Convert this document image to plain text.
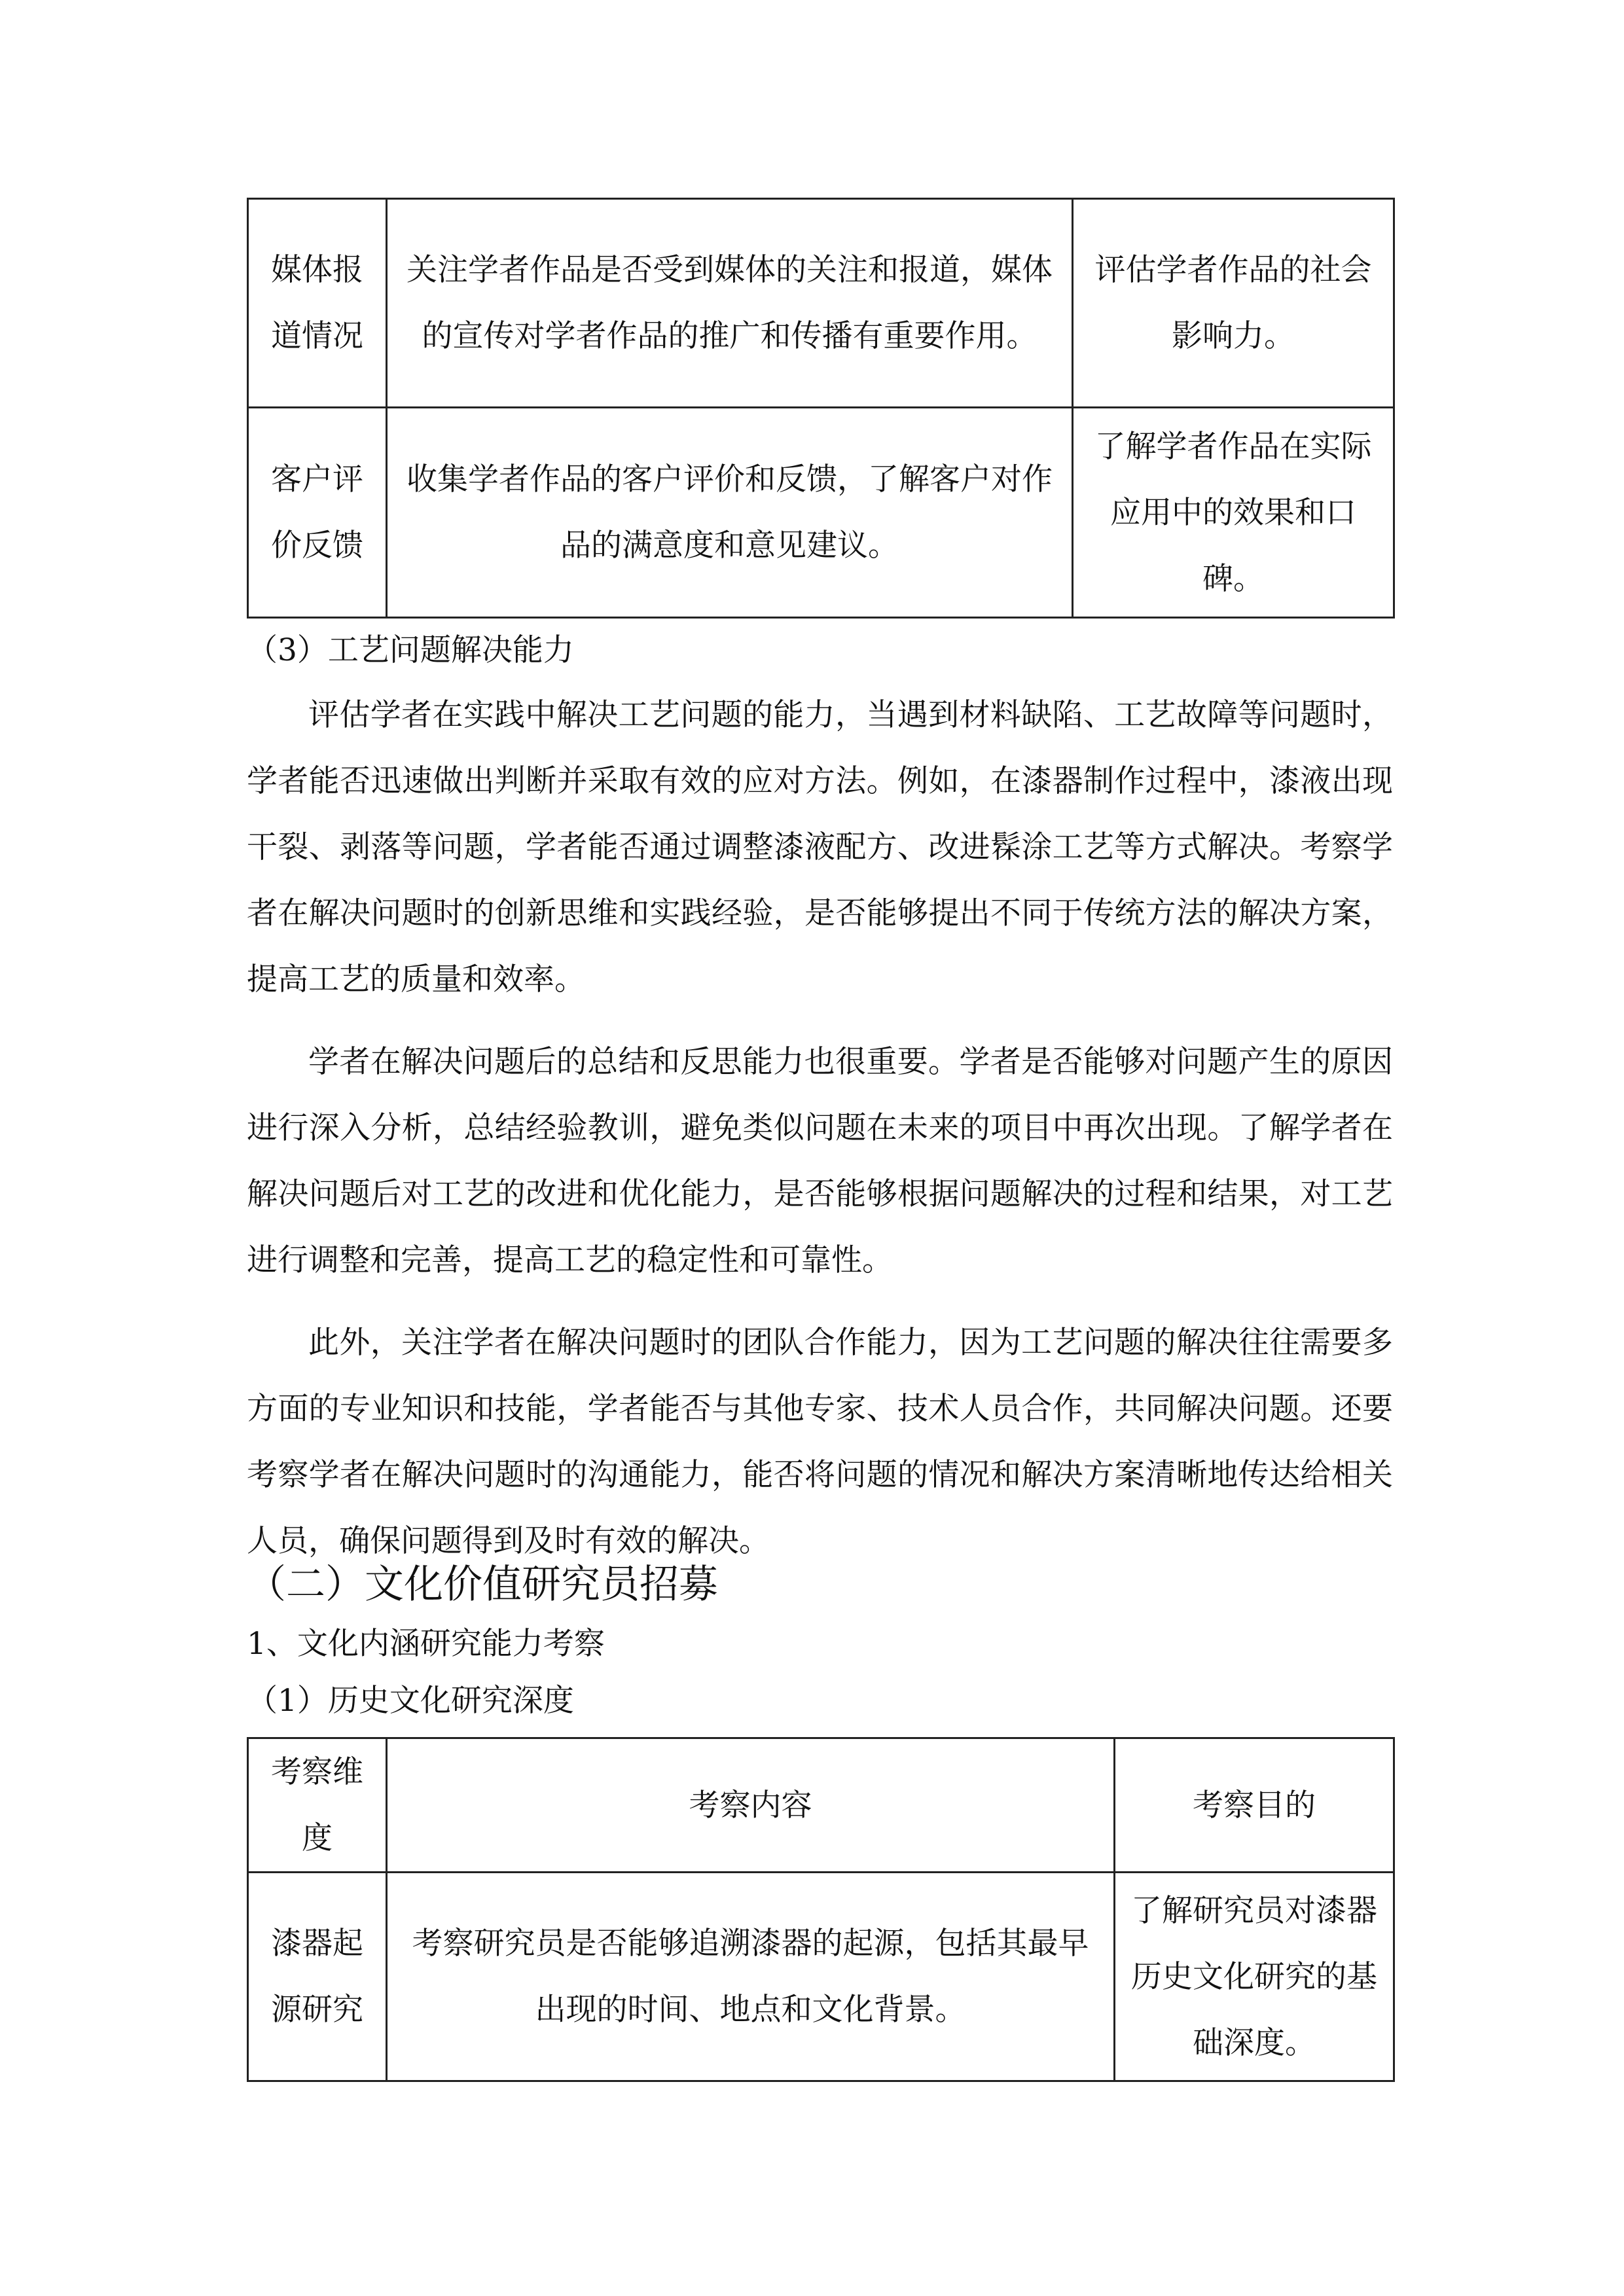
媒体报道情况	关注学者作品是否受到媒体的关注和报道，媒体的宣传对学者作品的推广和传播有重要作用。	评估学者作品的社会影响力。
客户评价反馈	收集学者作品的客户评价和反馈，了解客户对作品的满意度和意见建议。	了解学者作品在实际应用中的效果和口碑。
（3）工艺问题解决能力

评估学者在实践中解决工艺问题的能力，当遇到材料缺陷、工艺故障等问题时，学者能否迅速做出判断并采取有效的应对方法。例如，在漆器制作过程中，漆液出现干裂、剥落等问题，学者能否通过调整漆液配方、改进髹涂工艺等方式解决。考察学者在解决问题时的创新思维和实践经验，是否能够提出不同于传统方法的解决方案，提高工艺的质量和效率。

学者在解决问题后的总结和反思能力也很重要。学者是否能够对问题产生的原因进行深入分析，总结经验教训，避免类似问题在未来的项目中再次出现。了解学者在解决问题后对工艺的改进和优化能力，是否能够根据问题解决的过程和结果，对工艺进行调整和完善，提高工艺的稳定性和可靠性。

此外，关注学者在解决问题时的团队合作能力，因为工艺问题的解决往往需要多方面的专业知识和技能，学者能否与其他专家、技术人员合作，共同解决问题。还要考察学者在解决问题时的沟通能力，能否将问题的情况和解决方案清晰地传达给相关人员，确保问题得到及时有效的解决。

（二）文化价值研究员招募
1、文化内涵研究能力考察
（1）历史文化研究深度
考察维度	考察内容	考察目的
漆器起源研究	考察研究员是否能够追溯漆器的起源，包括其最早出现的时间、地点和文化背景。	了解研究员对漆器历史文化研究的基础深度。
